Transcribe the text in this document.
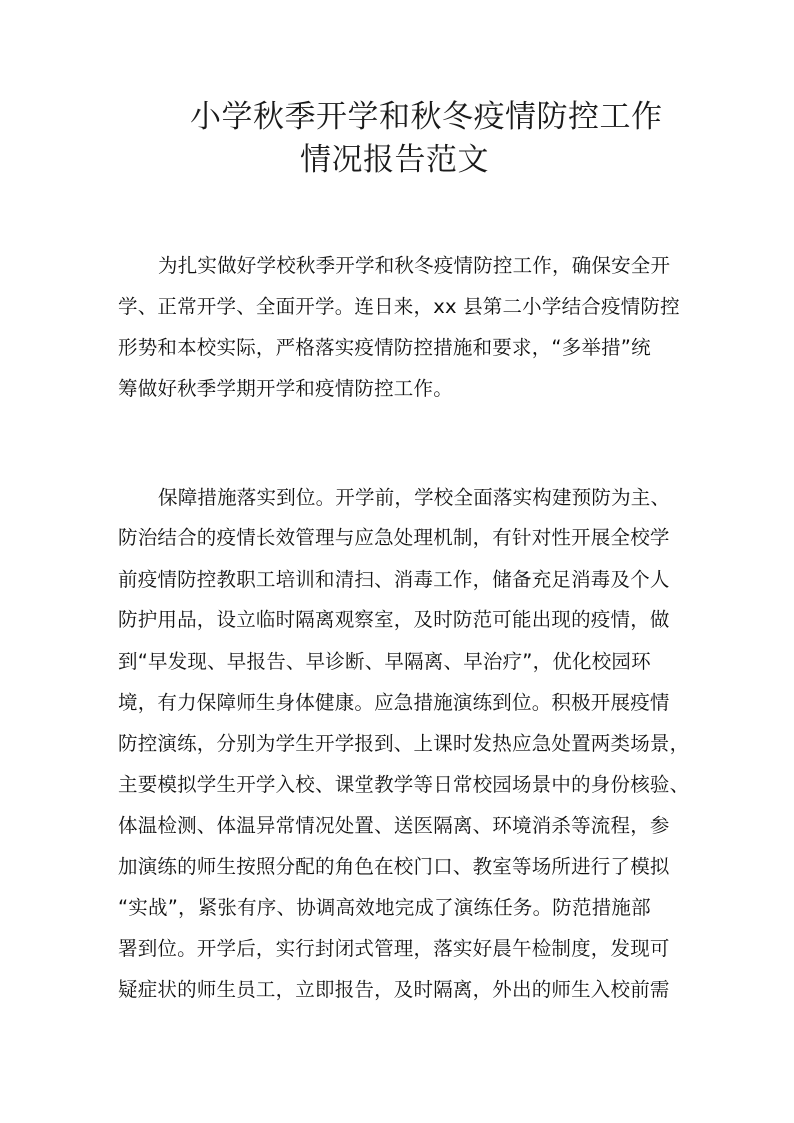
小学秋季开学和秋冬疫情防控工作
情况报告范文
为扎实做好学校秋季开学和秋冬疫情防控工作，确保安全开
学、正常开学、全面开学。连日来，xx 县第二小学结合疫情防控
形势和本校实际，严格落实疫情防控措施和要求，“多举措”统
筹做好秋季学期开学和疫情防控工作。
保障措施落实到位。开学前，学校全面落实构建预防为主、
防治结合的疫情长效管理与应急处理机制，有针对性开展全校学
前疫情防控教职工培训和清扫、消毒工作，储备充足消毒及个人
防护用品，设立临时隔离观察室，及时防范可能出现的疫情，做
到“早发现、早报告、早诊断、早隔离、早治疗”，优化校园环
境，有力保障师生身体健康。应急措施演练到位。积极开展疫情
防控演练，分别为学生开学报到、上课时发热应急处置两类场景，
主要模拟学生开学入校、课堂教学等日常校园场景中的身份核验、
体温检测、体温异常情况处置、送医隔离、环境消杀等流程，参
加演练的师生按照分配的角色在校门口、教室等场所进行了模拟
“实战”，紧张有序、协调高效地完成了演练任务。防范措施部
署到位。开学后，实行封闭式管理，落实好晨午检制度，发现可
疑症状的师生员工，立即报告，及时隔离，外出的师生入校前需
